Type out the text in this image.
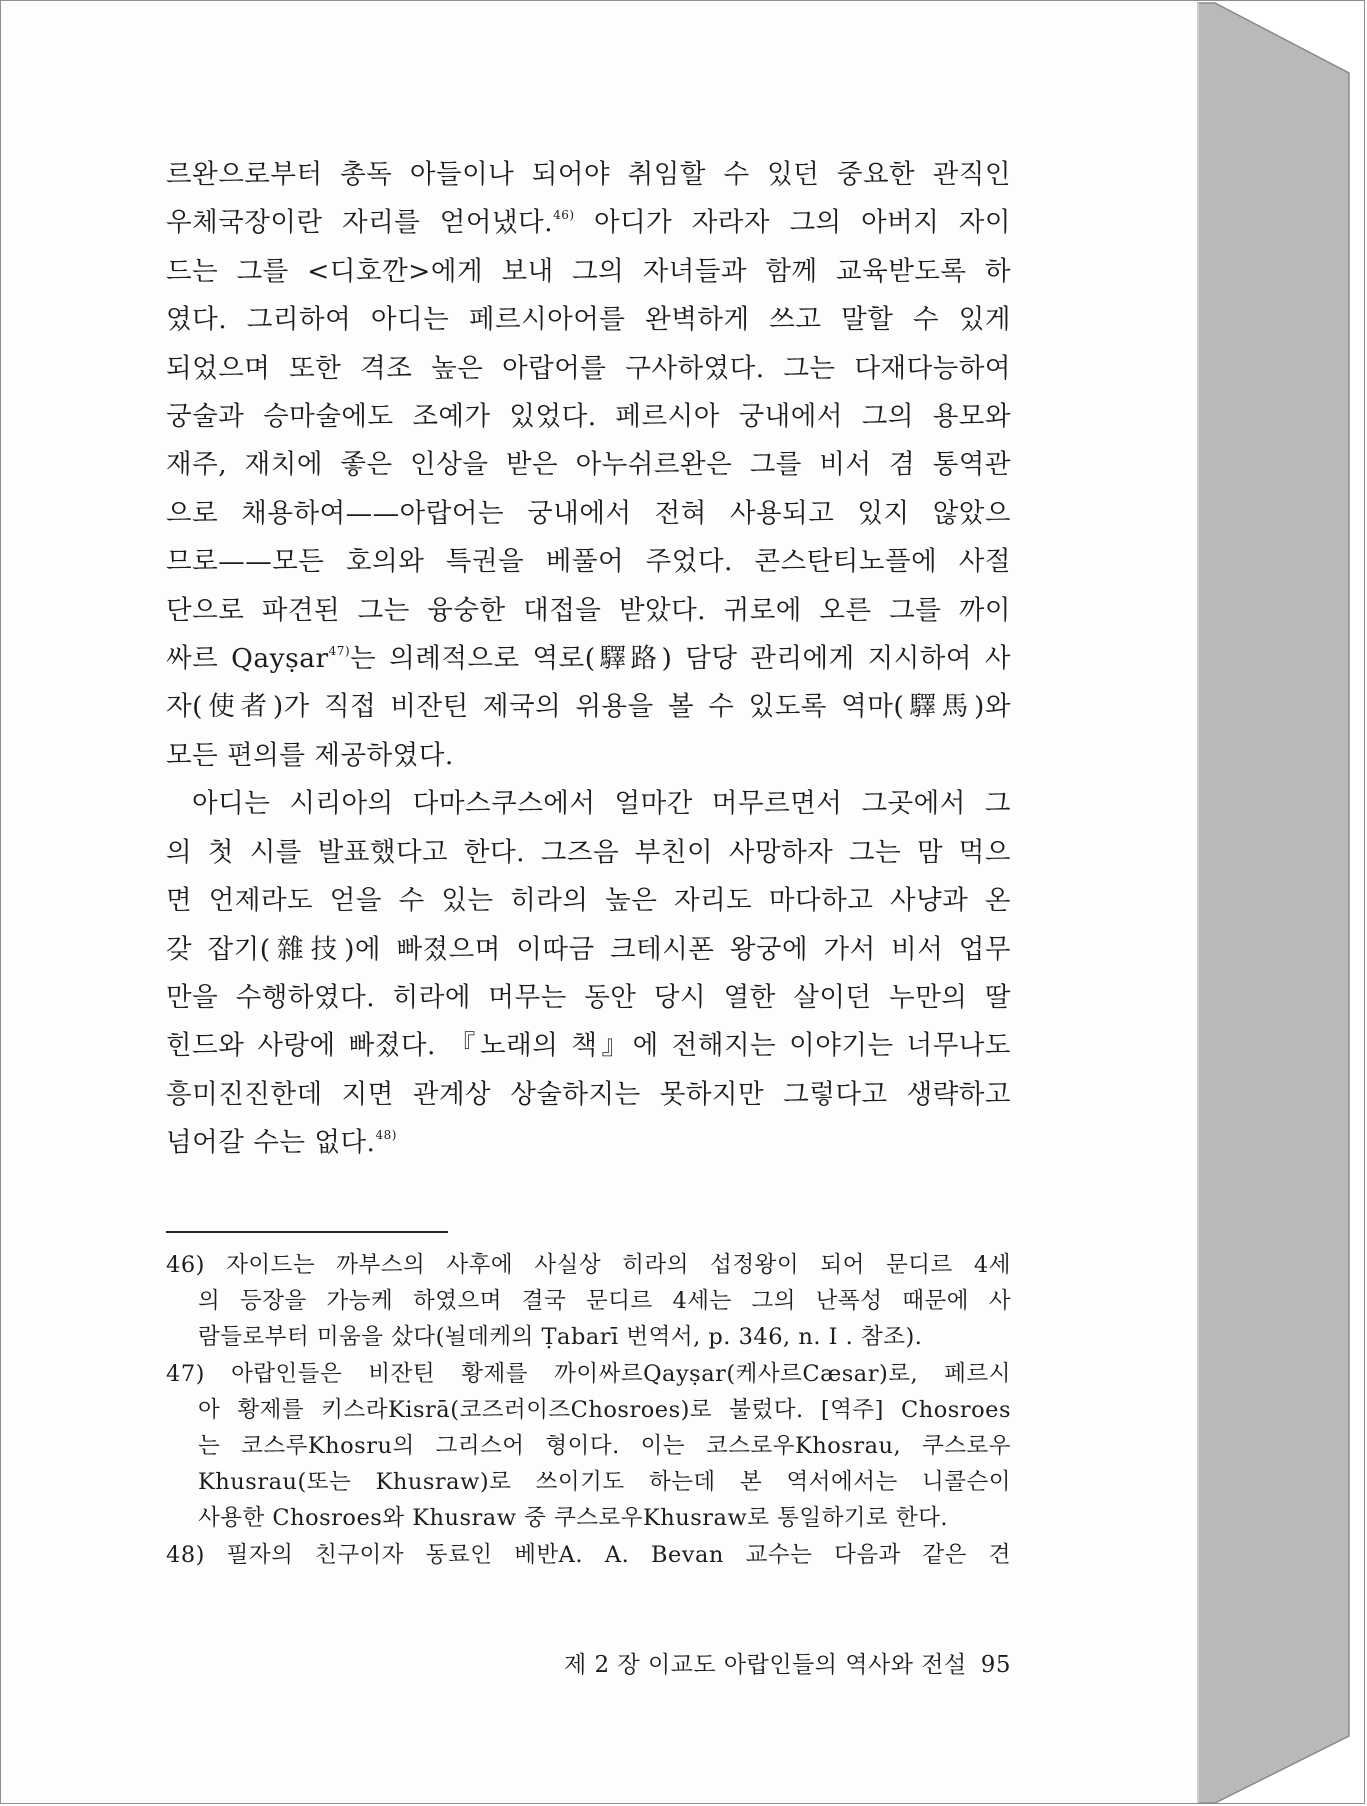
르완으로부터 총독 아들이나 되어야 취임할 수 있던 중요한 관직인
우체국장이란 자리를 얻어냈다.$^{46)}$ 아디가 자라자 그의 아버지 자이
드는 그를 <디호깐>에게 보내 그의 자녀들과 함께 교육받도록 하
였다. 그리하여 아디는 페르시아어를 완벽하게 쓰고 말할 수 있게
되었으며 또한 격조 높은 아랍어를 구사하였다. 그는 다재다능하여
궁술과 승마술에도 조예가 있었다. 페르시아 궁내에서 그의 용모와
재주, 재치에 좋은 인상을 받은 아누쉬르완은 그를 비서 겸 통역관
으로 채용하여——아랍어는 궁내에서 전혀 사용되고 있지 않았으
므로——모든 호의와 특권을 베풀어 주었다. 콘스탄티노플에 사절
단으로 파견된 그는 융숭한 대접을 받았다. 귀로에 오른 그를 까이
싸르 Qayṣar$^{47)}$는 의례적으로 역로(驛路) 담당 관리에게 지시하여 사
자(使者)가 직접 비잔틴 제국의 위용을 볼 수 있도록 역마(驛馬)와
모든 편의를 제공하였다.

아디는 시리아의 다마스쿠스에서 얼마간 머무르면서 그곳에서 그
의 첫 시를 발표했다고 한다. 그즈음 부친이 사망하자 그는 맘 먹으
면 언제라도 얻을 수 있는 히라의 높은 자리도 마다하고 사냥과 온
갖 잡기(雜技)에 빠졌으며 이따금 크테시폰 왕궁에 가서 비서 업무
만을 수행하였다. 히라에 머무는 동안 당시 열한 살이던 누만의 딸
힌드와 사랑에 빠졌다. 『노래의 책』에 전해지는 이야기는 너무나도
흥미진진한데 지면 관계상 상술하지는 못하지만 그렇다고 생략하고
넘어갈 수는 없다.$^{48)}$

46) 자이드는 까부스의 사후에 사실상 히라의 섭정왕이 되어 문디르 4세
의 등장을 가능케 하였으며 결국 문디르 4세는 그의 난폭성 때문에 사
람들로부터 미움을 샀다(뇔데케의 Ṭabarī 번역서, p. 346, n. I . 참조).

47) 아랍인들은 비잔틴 황제를 까이싸르Qayṣar(케사르Cæsar)로, 페르시
아 황제를 키스라Kisrā(코즈러이즈Chosroes)로 불렀다. [역주] Chosroes
는 코스루Khosru의 그리스어 형이다. 이는 코스로우Khosrau, 쿠스로우
Khusrau(또는 Khusraw)로 쓰이기도 하는데 본 역서에서는 니콜슨이
사용한 Chosroes와 Khusraw 중 쿠스로우Khusraw로 통일하기로 한다.

48) 필자의 친구이자 동료인 베반A. A. Bevan 교수는 다음과 같은 견

제 2 장 이교도 아랍인들의 역사와 전설 95
